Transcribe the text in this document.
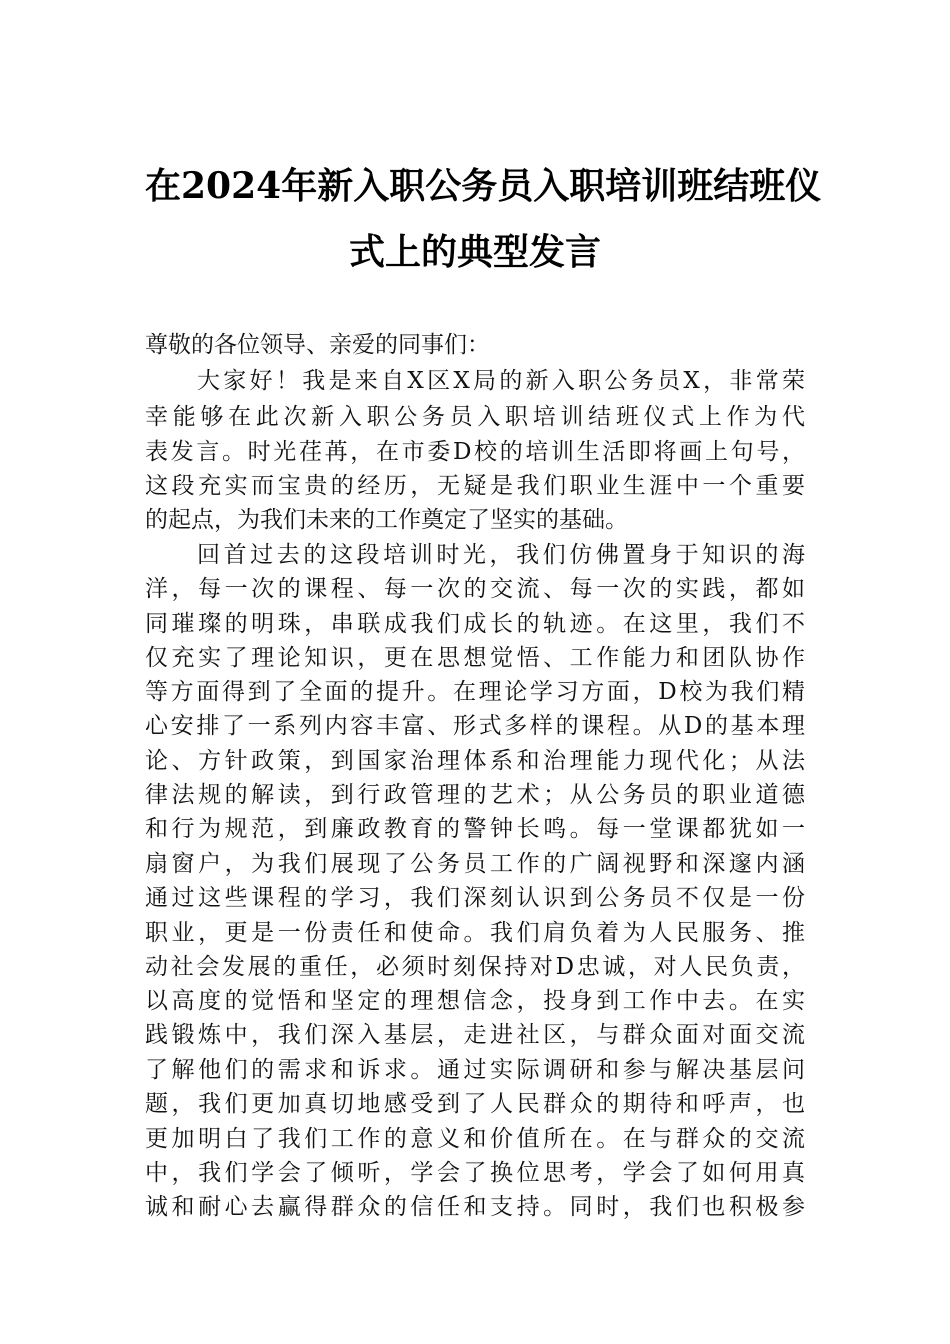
在2024年新入职公务员入职培训班结班仪
式上的典型发言
尊敬的各位领导、亲爱的同事们：
大家好！我是来自X区X局的新入职公务员X，非常荣
幸能够在此次新入职公务员入职培训结班仪式上作为代
表发言。时光荏苒，在市委D校的培训生活即将画上句号，
这段充实而宝贵的经历，无疑是我们职业生涯中一个重要
的起点，为我们未来的工作奠定了坚实的基础。
回首过去的这段培训时光，我们仿佛置身于知识的海
洋，每一次的课程、每一次的交流、每一次的实践，都如
同璀璨的明珠，串联成我们成长的轨迹。在这里，我们不
仅充实了理论知识，更在思想觉悟、工作能力和团队协作
等方面得到了全面的提升。在理论学习方面，D校为我们精
心安排了一系列内容丰富、形式多样的课程。从D的基本理
论、方针政策，到国家治理体系和治理能力现代化；从法
律法规的解读，到行政管理的艺术；从公务员的职业道德
和行为规范，到廉政教育的警钟长鸣。每一堂课都犹如一
扇窗户，为我们展现了公务员工作的广阔视野和深邃内涵
通过这些课程的学习，我们深刻认识到公务员不仅是一份
职业，更是一份责任和使命。我们肩负着为人民服务、推
动社会发展的重任，必须时刻保持对D忠诚，对人民负责，
以高度的觉悟和坚定的理想信念，投身到工作中去。在实
践锻炼中，我们深入基层，走进社区，与群众面对面交流
了解他们的需求和诉求。通过实际调研和参与解决基层问
题，我们更加真切地感受到了人民群众的期待和呼声，也
更加明白了我们工作的意义和价值所在。在与群众的交流
中，我们学会了倾听，学会了换位思考，学会了如何用真
诚和耐心去赢得群众的信任和支持。同时，我们也积极参
